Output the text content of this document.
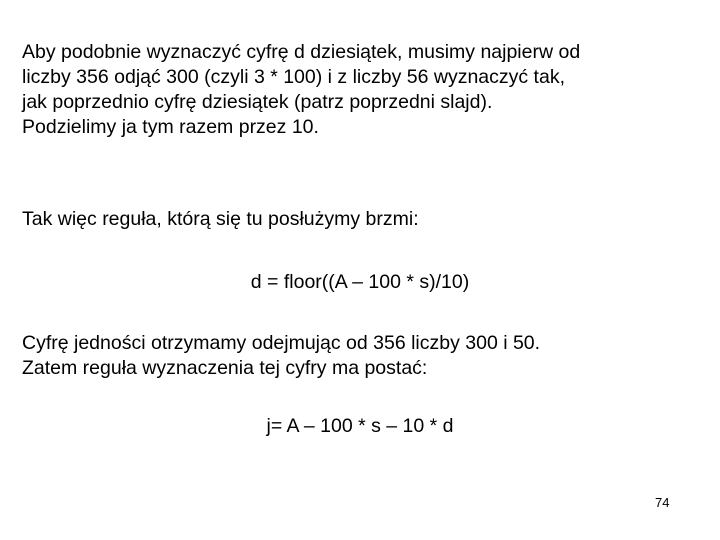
Aby podobnie wyznaczyć cyfrę d dziesiątek, musimy najpierw od
liczby 356 odjąć 300 (czyli 3 * 100) i z liczby 56 wyznaczyć tak,
jak poprzednio cyfrę dziesiątek (patrz poprzedni slajd).
Podzielimy ja tym razem przez 10.
Tak więc reguła, którą się tu posłużymy brzmi:
d = floor((A – 100 * s)/10)
Cyfrę jedności otrzymamy odejmując od 356 liczby 300 i 50.
Zatem reguła wyznaczenia tej cyfry ma postać:
j= A – 100 * s – 10 * d
74
